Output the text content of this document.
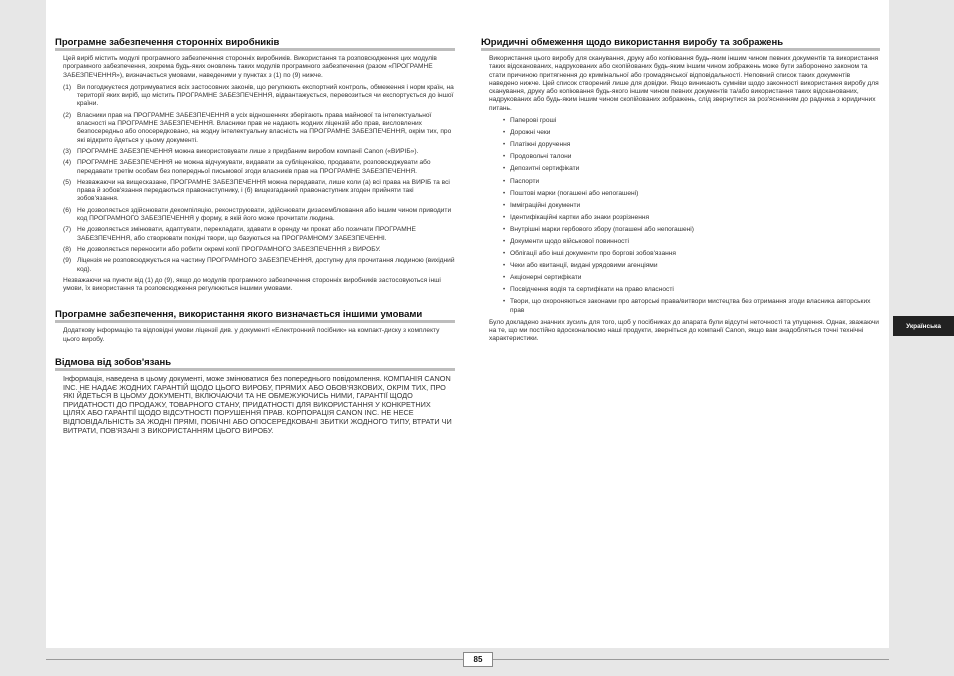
Програмне забезпечення сторонніх виробників

Цей виріб містить модулі програмного забезпечення сторонніх виробників. Використання та розповсюдження цих модулів програмного забезпечення, зокрема будь-яких оновлень таких модулів програмного забезпечення (разом «ПРОГРАМНЕ ЗАБЕЗПЕЧЕННЯ»), визначається умовами, наведеними у пунктах з (1) по (9) нижче.

(1) Ви погоджуєтеся дотримуватися всіх застосовних законів, що регулюють експортний контроль, обмеження і норм країн, на території яких виріб, що містить ПРОГРАМНЕ ЗАБЕЗПЕЧЕННЯ, відвантажується, перевозиться чи експортується до іншої країни.
(2) Власники прав на ПРОГРАМНЕ ЗАБЕЗПЕЧЕННЯ в усіх відношеннях зберігають права майнової та інтелектуальної власності на ПРОГРАМНЕ ЗАБЕЗПЕЧЕННЯ. Власники прав не надають жодних ліцензій або прав, висловлених безпосередньо або опосередковано, на жодну інтелектуальну власність на ПРОГРАМНЕ ЗАБЕЗПЕЧЕННЯ, окрім тих, про які відкрито йдеться у цьому документі.
(3) ПРОГРАМНЕ ЗАБЕЗПЕЧЕННЯ можна використовувати лише з придбаним виробом компанії Canon («ВИРІБ»).
(4) ПРОГРАМНЕ ЗАБЕЗПЕЧЕННЯ не можна відчужувати, видавати за субліцензією, продавати, розповсюджувати або передавати третім особам без попередньої письмової згоди власників прав на ПРОГРАМНЕ ЗАБЕЗПЕЧЕННЯ.
(5) Незважаючи на вищесказане, ПРОГРАМНЕ ЗАБЕЗПЕЧЕННЯ можна передавати, лише коли (а) всі права на ВИРІБ та всі права й зобов'язання передаються правонаступнику, і (б) вищезгаданий правонаступник згоден прийняти такі зобов'язання.
(6) Не дозволяється здійснювати декомпіляцію, реконструювати, здійснювати дизасемблювання або іншим чином приводити код ПРОГРАМНОГО ЗАБЕЗПЕЧЕННЯ у форму, в якій його може прочитати людина.
(7) Не дозволяється змінювати, адаптувати, перекладати, здавати в оренду чи прокат або позичати ПРОГРАМНЕ ЗАБЕЗПЕЧЕННЯ, або створювати похідні твори, що базуються на ПРОГРАМНОМУ ЗАБЕЗПЕЧЕННІ.
(8) Не дозволяється переносити або робити окремі копії ПРОГРАМНОГО ЗАБЕЗПЕЧЕННЯ з ВИРОБУ.
(9) Ліцензія не розповсюджується на частину ПРОГРАМНОГО ЗАБЕЗПЕЧЕННЯ, доступну для прочитання людиною (вихідний код).

Незважаючи на пункти від (1) до (9), якщо до модулів програмного забезпечення сторонніх виробників застосовуються інші умови, їх використання та розповсюдження регулюються іншими умовами.

Програмне забезпечення, використання якого визначається іншими умовами

Додаткову інформацію та відповідні умови ліцензії див. у документі «Електронний посібник» на компакт-диску з комплекту цього виробу.

Відмова від зобов'язань

Інформація, наведена в цьому документі, може змінюватися без попереднього повідомлення. КОМПАНІЯ CANON INC. НЕ НАДАЄ ЖОДНИХ ГАРАНТІЙ ЩОДО ЦЬОГО ВИРОБУ, ПРЯМИХ АБО ОБОВ'ЯЗКОВИХ, ОКРІМ ТИХ, ПРО ЯКІ ЙДЕТЬСЯ В ЦЬОМУ ДОКУМЕНТІ, ВКЛЮЧАЮЧИ ТА НЕ ОБМЕЖУЮЧИСЬ НИМИ, ГАРАНТІЇ ЩОДО ПРИДАТНОСТІ ДО ПРОДАЖУ, ТОВАРНОГО СТАНУ, ПРИДАТНОСТІ ДЛЯ ВИКОРИСТАННЯ У КОНКРЕТНИХ ЦІЛЯХ АБО ГАРАНТІЇ ЩОДО ВІДСУТНОСТІ ПОРУШЕННЯ ПРАВ. КОРПОРАЦІЯ CANON INC. НЕ НЕСЕ ВІДПОВІДАЛЬНІСТЬ ЗА ЖОДНІ ПРЯМІ, ПОБІЧНІ АБО ОПОСЕРЕДКОВАНІ ЗБИТКИ ЖОДНОГО ТИПУ, ВТРАТИ ЧИ ВИТРАТИ, ПОВ'ЯЗАНІ З ВИКОРИСТАННЯМ ЦЬОГО ВИРОБУ.

Юридичні обмеження щодо використання виробу та зображень

Використання цього виробу для сканування, друку або копіювання будь-яким іншим чином певних документів та використання таких відсканованих, надрукованих або скопійованих будь-яким іншим чином зображень може бути заборонено законом та стати причиною притягнення до кримінальної або громадянської відповідальності. Неповний список таких документів наведено нижче. Цей список створений лише для довідки. Якщо виникають сумніви щодо законності використання виробу для сканування, друку або копіювання будь-якого іншим чином певних документів та/або використання таких відсканованих, надрукованих або будь-яким іншим чином скопійованих зображень, слід звернутися за роз'ясненням до радника з юридичних питань.

• Паперові гроші
• Дорожні чеки
• Платіжні доручення
• Продовольчі талони
• Депозитні сертифікати
• Паспорти
• Поштові марки (погашені або непогашені)
• Імміграційні документи
• Ідентифікаційні картки або знаки розрізнення
• Внутрішні марки гербового збору (погашені або непогашені)
• Документи щодо військової повинності
• Облігації або інші документи про боргові зобов'язання
• Чеки або квитанції, видані урядовими агенціями
• Акціонерні сертифікати
• Посвідчення водія та сертифікати на право власності
• Твори, що охороняються законами про авторські права/витвори мистецтва без отримання згоди власника авторських прав

Було докладено значних зусиль для того, щоб у посібниках до апарата були відсутні неточності та упущення. Однак, зважаючи на те, що ми постійно вдосконалюємо наші продукти, зверніться до компанії Canon, якщо вам знадобляться точні технічні характеристики.

Українська
85
